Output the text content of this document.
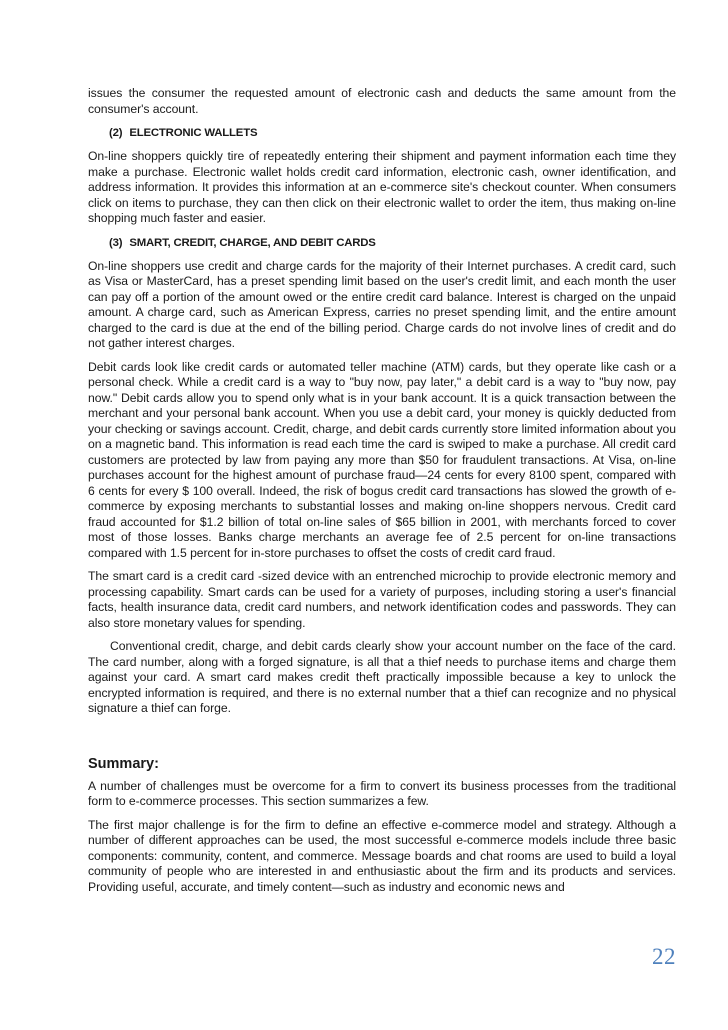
issues the consumer the requested amount of electronic cash and deducts the same amount from the consumer's account.

(2) ELECTRONIC WALLETS

On-line shoppers quickly tire of repeatedly entering their shipment and payment information each time they make a purchase. Electronic wallet holds credit card information, electronic cash, owner identification, and address information. It provides this information at an e-commerce site's checkout counter. When consumers click on items to purchase, they can then click on their electronic wallet to order the item, thus making on-line shopping much faster and easier.

(3) SMART, CREDIT, CHARGE, AND DEBIT CARDS

On-line shoppers use credit and charge cards for the majority of their Internet purchases. A credit card, such as Visa or MasterCard, has a preset spending limit based on the user's credit limit, and each month the user can pay off a portion of the amount owed or the entire credit card balance. Interest is charged on the unpaid amount. A charge card, such as American Express, carries no preset spending limit, and the entire amount charged to the card is due at the end of the billing period. Charge cards do not involve lines of credit and do not gather interest charges.

Debit cards look like credit cards or automated teller machine (ATM) cards, but they operate like cash or a personal check. While a credit card is a way to "buy now, pay later," a debit card is a way to "buy now, pay now." Debit cards allow you to spend only what is in your bank account. It is a quick transaction between the merchant and your personal bank account. When you use a debit card, your money is quickly deducted from your checking or savings account. Credit, charge, and debit cards currently store limited information about you on a magnetic band. This information is read each time the card is swiped to make a purchase. All credit card customers are protected by law from paying any more than $50 for fraudulent transactions. At Visa, on-line purchases account for the highest amount of purchase fraud—24 cents for every 8100 spent, compared with 6 cents for every $ 100 overall. Indeed, the risk of bogus credit card transactions has slowed the growth of e-commerce by exposing merchants to substantial losses and making on-line shoppers nervous. Credit card fraud accounted for $1.2 billion of total on-line sales of $65 billion in 2001, with merchants forced to cover most of those losses. Banks charge merchants an average fee of 2.5 percent for on-line transactions compared with 1.5 percent for in-store purchases to offset the costs of credit card fraud.

The smart card is a credit card -sized device with an entrenched microchip to provide electronic memory and processing capability. Smart cards can be used for a variety of purposes, including storing a user's financial facts, health insurance data, credit card numbers, and network identification codes and passwords. They can also store monetary values for spending.

Conventional credit, charge, and debit cards clearly show your account number on the face of the card. The card number, along with a forged signature, is all that a thief needs to purchase items and charge them against your card. A smart card makes credit theft practically impossible because a key to unlock the encrypted information is required, and there is no external number that a thief can recognize and no physical signature a thief can forge.

Summary:

A number of challenges must be overcome for a firm to convert its business processes from the traditional form to e-commerce processes. This section summarizes a few.

The first major challenge is for the firm to define an effective e-commerce model and strategy. Although a number of different approaches can be used, the most successful e-commerce models include three basic components: community, content, and commerce. Message boards and chat rooms are used to build a loyal community of people who are interested in and enthusiastic about the firm and its products and services. Providing useful, accurate, and timely content—such as industry and economic news and

22
